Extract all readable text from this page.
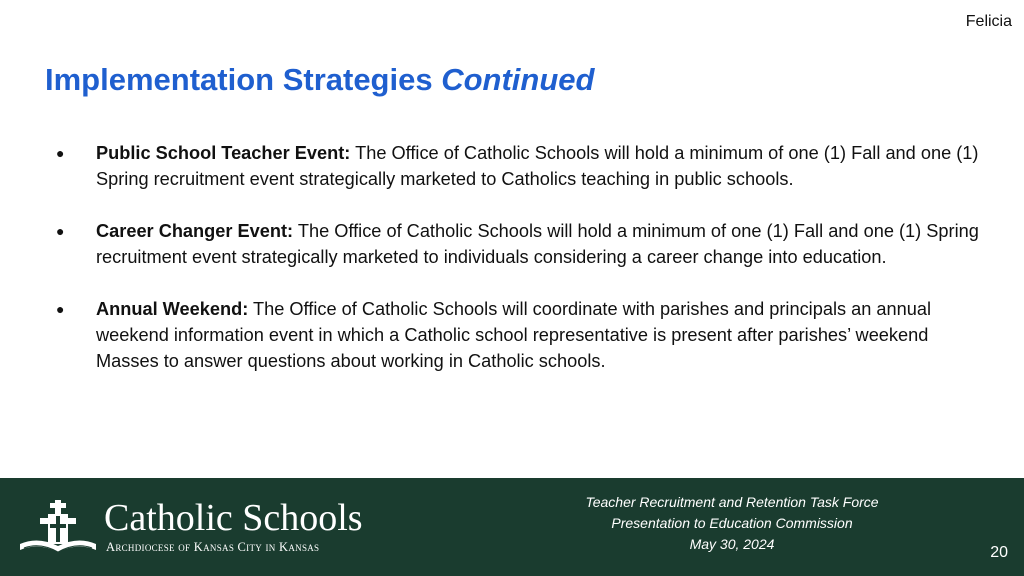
Felicia
Implementation Strategies Continued
● Public School Teacher Event: The Office of Catholic Schools will hold a minimum of one (1) Fall and one (1) Spring recruitment event strategically marketed to Catholics teaching in public schools.
● Career Changer Event: The Office of Catholic Schools will hold a minimum of one (1) Fall and one (1) Spring recruitment event strategically marketed to individuals considering a career change into education.
● Annual Weekend: The Office of Catholic Schools will coordinate with parishes and principals an annual weekend information event in which a Catholic school representative is present after parishes’ weekend Masses to answer questions about working in Catholic schools.
Catholic Schools
Archdiocese of Kansas City in Kansas
Teacher Recruitment and Retention Task Force
Presentation to Education Commission
May 30, 2024	20
